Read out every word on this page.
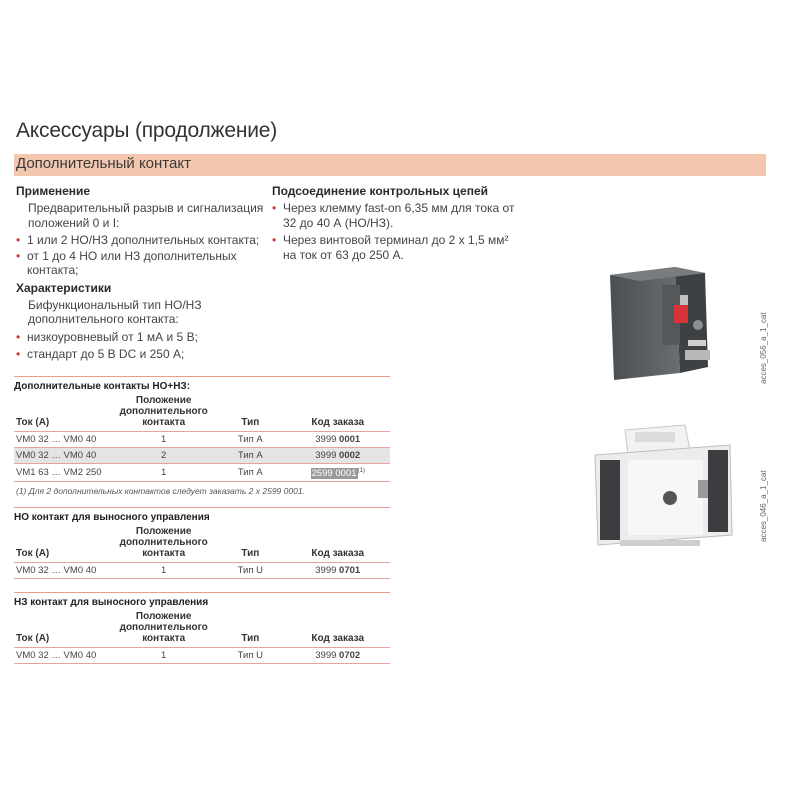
Аксессуары (продолжение)
Дополнительный контакт
Применение
Предварительный разрыв и сигнализация положений 0 и I:
• 1 или 2 НО/НЗ дополнительных контакта;
• от 1 до 4 НО или НЗ дополнительных контакта;
Характеристики
Бифункциональный тип НО/НЗ дополнительного контакта:
• низкоуровневый от 1 мА и 5 В;
• стандарт до 5 В DC и 250 А;
Подсоединение контрольных цепей
• Через клемму fast-on 6,35 мм для тока от 32 до 40 А (НО/НЗ).
• Через винтовой терминал до 2 х 1,5 мм² на ток от 63 до 250 А.
Дополнительные контакты НО+НЗ:
Ток (А)	Положение дополнительного контакта	Тип	Код заказа
VM0 32 … VM0 40	1	Тип А	3999 0001
VM0 32 … VM0 40	2	Тип А	3999 0002
VM1 63 … VM2 250	1	Тип А	2599 0001$^{(1)}$
(1) Для 2 дополнительных контактов следует заказать 2 х 2599 0001.
НО контакт для выносного управления
Ток (А)	Положение дополнительного контакта	Тип	Код заказа
VM0 32 … VM0 40	1	Тип U	3999 0701
НЗ контакт для выносного управления
Ток (А)	Положение дополнительного контакта	Тип	Код заказа
VM0 32 … VM0 40	1	Тип U	3999 0702
acces_056_a_1_cat
acces_046_a_1_cat
